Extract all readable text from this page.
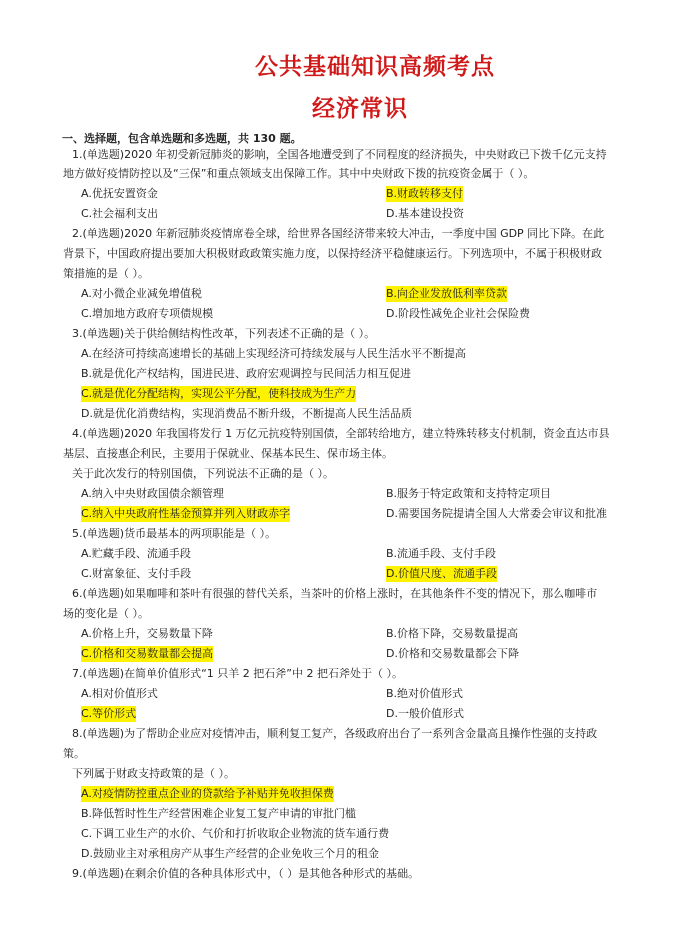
公共基础知识高频考点
经济常识
一、选择题，包含单选题和多选题，共 130 题。
1.(单选题)2020 年初受新冠肺炎的影响，全国各地遭受到了不同程度的经济损失，中央财政已下拨千亿元支持
地方做好疫情防控以及“三保”和重点领域支出保障工作。其中中央财政下拨的抗疫资金属于（ ）。
A.优抚安置资金	B.财政转移支付
C.社会福利支出	D.基本建设投资
2.(单选题)2020 年新冠肺炎疫情席卷全球，给世界各国经济带来较大冲击，一季度中国 GDP 同比下降。在此
背景下，中国政府提出要加大积极财政政策实施力度，以保持经济平稳健康运行。下列选项中，不属于积极财政
策措施的是（ ）。
A.对小微企业减免增值税	B.向企业发放低利率贷款
C.增加地方政府专项债规模	D.阶段性减免企业社会保险费
3.(单选题)关于供给侧结构性改革，下列表述不正确的是（ ）。
A.在经济可持续高速增长的基础上实现经济可持续发展与人民生活水平不断提高
B.就是优化产权结构，国进民进、政府宏观调控与民间活力相互促进
C.就是优化分配结构，实现公平分配，使科技成为生产力
D.就是优化消费结构，实现消费品不断升级，不断提高人民生活品质
4.(单选题)2020 年我国将发行 1 万亿元抗疫特别国债，全部转给地方，建立特殊转移支付机制，资金直达市县
基层、直接惠企利民，主要用于保就业、保基本民生、保市场主体。
关于此次发行的特别国债，下列说法不正确的是（ ）。
A.纳入中央财政国债余额管理	B.服务于特定政策和支持特定项目
C.纳入中央政府性基金预算并列入财政赤字	D.需要国务院提请全国人大常委会审议和批准
5.(单选题)货币最基本的两项职能是（ ）。
A.贮藏手段、流通手段	B.流通手段、支付手段
C.财富象征、支付手段	D.价值尺度、流通手段
6.(单选题)如果咖啡和茶叶有很强的替代关系，当茶叶的价格上涨时，在其他条件不变的情况下，那么咖啡市
场的变化是（ ）。
A.价格上升，交易数量下降	B.价格下降，交易数量提高
C.价格和交易数量都会提高	D.价格和交易数量都会下降
7.(单选题)在简单价值形式“1 只羊 2 把石斧”中 2 把石斧处于（ ）。
A.相对价值形式	B.绝对价值形式
C.等价形式	D.一般价值形式
8.(单选题)为了帮助企业应对疫情冲击，顺利复工复产，各级政府出台了一系列含金量高且操作性强的支持政
策。
下列属于财政支持政策的是（ ）。
A.对疫情防控重点企业的贷款给予补贴并免收担保费
B.降低暂时性生产经营困难企业复工复产申请的审批门槛
C.下调工业生产的水价、气价和打折收取企业物流的货车通行费
D.鼓励业主对承租房产从事生产经营的企业免收三个月的租金
9.(单选题)在剩余价值的各种具体形式中，（ ）是其他各种形式的基础。
